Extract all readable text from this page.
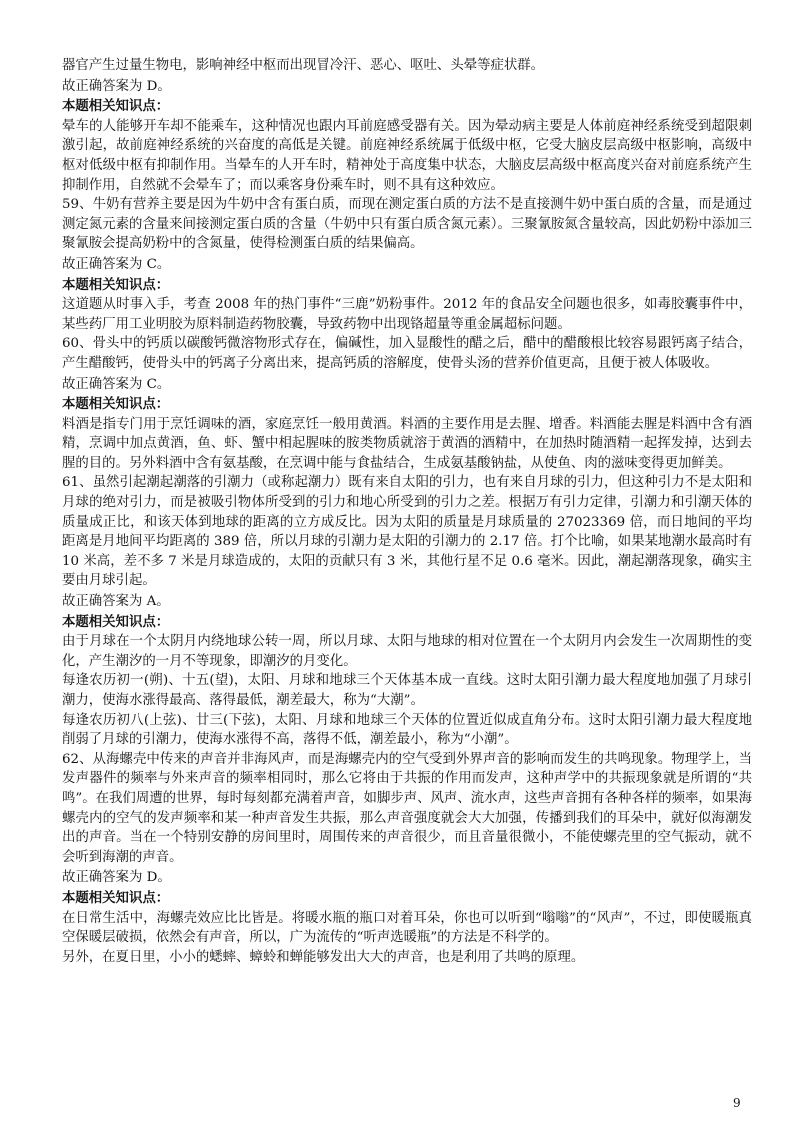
器官产生过量生物电，影响神经中枢而出现冒冷汗、恶心、呕吐、头晕等症状群。

故正确答案为 D。

本题相关知识点：

晕车的人能够开车却不能乘车，这种情况也跟内耳前庭感受器有关。因为晕动病主要是人体前庭神经系统受到超限刺激引起，故前庭神经系统的兴奋度的高低是关键。前庭神经系统属于低级中枢，它受大脑皮层高级中枢影响，高级中枢对低级中枢有抑制作用。当晕车的人开车时，精神处于高度集中状态，大脑皮层高级中枢高度兴奋对前庭系统产生抑制作用，自然就不会晕车了；而以乘客身份乘车时，则不具有这种效应。

59、牛奶有营养主要是因为牛奶中含有蛋白质，而现在测定蛋白质的方法不是直接测牛奶中蛋白质的含量，而是通过测定氮元素的含量来间接测定蛋白质的含量（牛奶中只有蛋白质含氮元素）。三聚氰胺氮含量较高，因此奶粉中添加三聚氰胺会提高奶粉中的含氮量，使得检测蛋白质的结果偏高。

故正确答案为 C。

本题相关知识点：

这道题从时事入手，考查 2008 年的热门事件“三鹿”奶粉事件。2012 年的食品安全问题也很多，如毒胶囊事件中，某些药厂用工业明胶为原料制造药物胶囊，导致药物中出现铬超量等重金属超标问题。

60、骨头中的钙质以碳酸钙微溶物形式存在，偏碱性，加入显酸性的醋之后，醋中的醋酸根比较容易跟钙离子结合，产生醋酸钙，使骨头中的钙离子分离出来，提高钙质的溶解度，使骨头汤的营养价值更高，且便于被人体吸收。

故正确答案为 C。

本题相关知识点：

料酒是指专门用于烹饪调味的酒，家庭烹饪一般用黄酒。料酒的主要作用是去腥、增香。料酒能去腥是料酒中含有酒精，烹调中加点黄酒，鱼、虾、蟹中相起腥味的胺类物质就溶于黄酒的酒精中，在加热时随酒精一起挥发掉，达到去腥的目的。另外料酒中含有氨基酸，在烹调中能与食盐结合，生成氨基酸钠盐，从使鱼、肉的滋味变得更加鲜美。

61、虽然引起潮起潮落的引潮力（或称起潮力）既有来自太阳的引力，也有来自月球的引力，但这种引力不是太阳和月球的绝对引力，而是被吸引物体所受到的引力和地心所受到的引力之差。根据万有引力定律，引潮力和引潮天体的质量成正比，和该天体到地球的距离的立方成反比。因为太阳的质量是月球质量的 27023369 倍，而日地间的平均距离是月地间平均距离的 389 倍，所以月球的引潮力是太阳的引潮力的 2.17 倍。打个比喻，如果某地潮水最高时有 10 米高，差不多 7 米是月球造成的，太阳的贡献只有 3 米，其他行星不足 0.6 毫米。因此，潮起潮落现象，确实主要由月球引起。

故正确答案为 A。

本题相关知识点：

由于月球在一个太阴月内绕地球公转一周，所以月球、太阳与地球的相对位置在一个太阴月内会发生一次周期性的变化，产生潮汐的一月不等现象，即潮汐的月变化。

每逢农历初一(朔)、十五(望)，太阳、月球和地球三个天体基本成一直线。这时太阳引潮力最大程度地加强了月球引潮力，使海水涨得最高、落得最低，潮差最大，称为“大潮”。

每逢农历初八(上弦)、廿三(下弦)，太阳、月球和地球三个天体的位置近似成直角分布。这时太阳引潮力最大程度地削弱了月球的引潮力，使海水涨得不高，落得不低，潮差最小，称为“小潮”。

62、从海螺壳中传来的声音并非海风声，而是海螺壳内的空气受到外界声音的影响而发生的共鸣现象。物理学上，当发声器件的频率与外来声音的频率相同时，那么它将由于共振的作用而发声，这种声学中的共振现象就是所谓的“共鸣”。在我们周遭的世界，每时每刻都充满着声音，如脚步声、风声、流水声，这些声音拥有各种各样的频率，如果海螺壳内的空气的发声频率和某一种声音发生共振，那么声音强度就会大大加强，传播到我们的耳朵中，就好似海潮发出的声音。当在一个特别安静的房间里时，周围传来的声音很少，而且音量很微小，不能使螺壳里的空气振动，就不会听到海潮的声音。

故正确答案为 D。

本题相关知识点：

在日常生活中，海螺壳效应比比皆是。将暖水瓶的瓶口对着耳朵，你也可以听到“嗡嗡”的“风声”，不过，即使暖瓶真空保暖层破损，依然会有声音，所以，广为流传的“听声选暖瓶”的方法是不科学的。

另外，在夏日里，小小的蟋蟀、蟑蛉和蝉能够发出大大的声音，也是利用了共鸣的原理。

9
